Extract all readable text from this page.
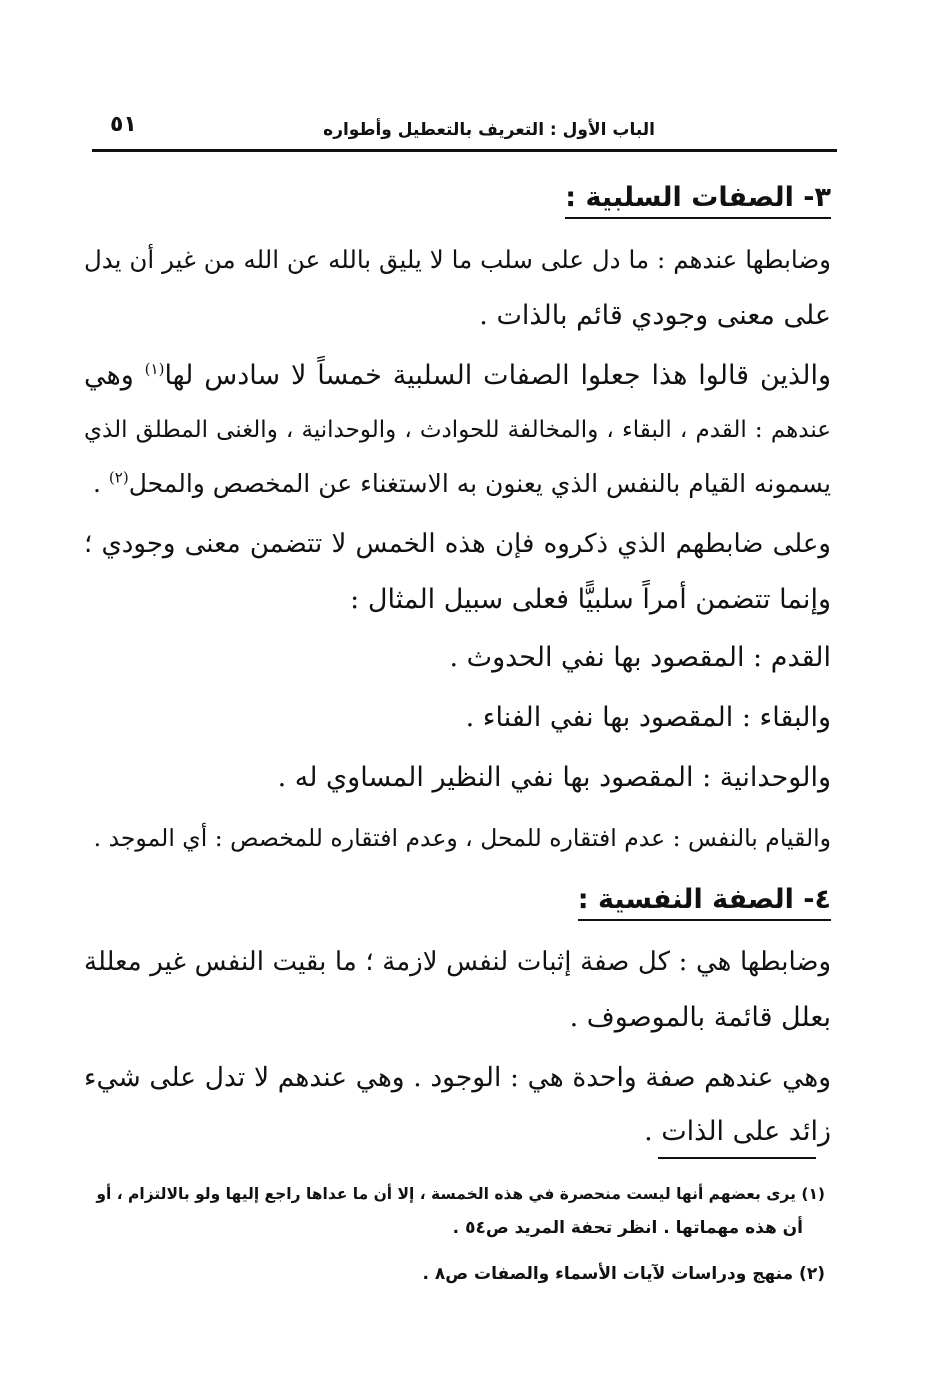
الباب الأول : التعريف بالتعطيل وأطواره
٥١
٣- الصفات السلبية :
وضابطها عندهم : ما دل على سلب ما لا يليق بالله عن الله من غير أن يدل
على معنى وجودي قائم بالذات .
والذين قالوا هذا جعلوا الصفات السلبية خمساً لا سادس لها$^{(١)}$ وهي
عندهم : القدم ، البقاء ، والمخالفة للحوادث ، والوحدانية ، والغنى المطلق الذي
يسمونه القيام بالنفس الذي يعنون به الاستغناء عن المخصص والمحل$^{(٢)}$ .
وعلى ضابطهم الذي ذكروه فإن هذه الخمس لا تتضمن معنى وجودي ؛
وإنما تتضمن أمراً سلبيًّا فعلى سبيل المثال :
القدم : المقصود بها نفي الحدوث .
والبقاء : المقصود بها نفي الفناء .
والوحدانية : المقصود بها نفي النظير المساوي له .
والقيام بالنفس : عدم افتقاره للمحل ، وعدم افتقاره للمخصص : أي الموجد .
٤- الصفة النفسية :
وضابطها هي : كل صفة إثبات لنفس لازمة ؛ ما بقيت النفس غير معللة
بعلل قائمة بالموصوف .
وهي عندهم صفة واحدة هي : الوجود . وهي عندهم لا تدل على شيء
زائد على الذات .
(١) يرى بعضهم أنها ليست منحصرة في هذه الخمسة ، إلا أن ما عداها راجع إليها ولو بالالتزام ، أو
أن هذه مهماتها . انظر تحفة المريد ص٥٤ .
(٢) منهج ودراسات لآيات الأسماء والصفات ص٨ .
